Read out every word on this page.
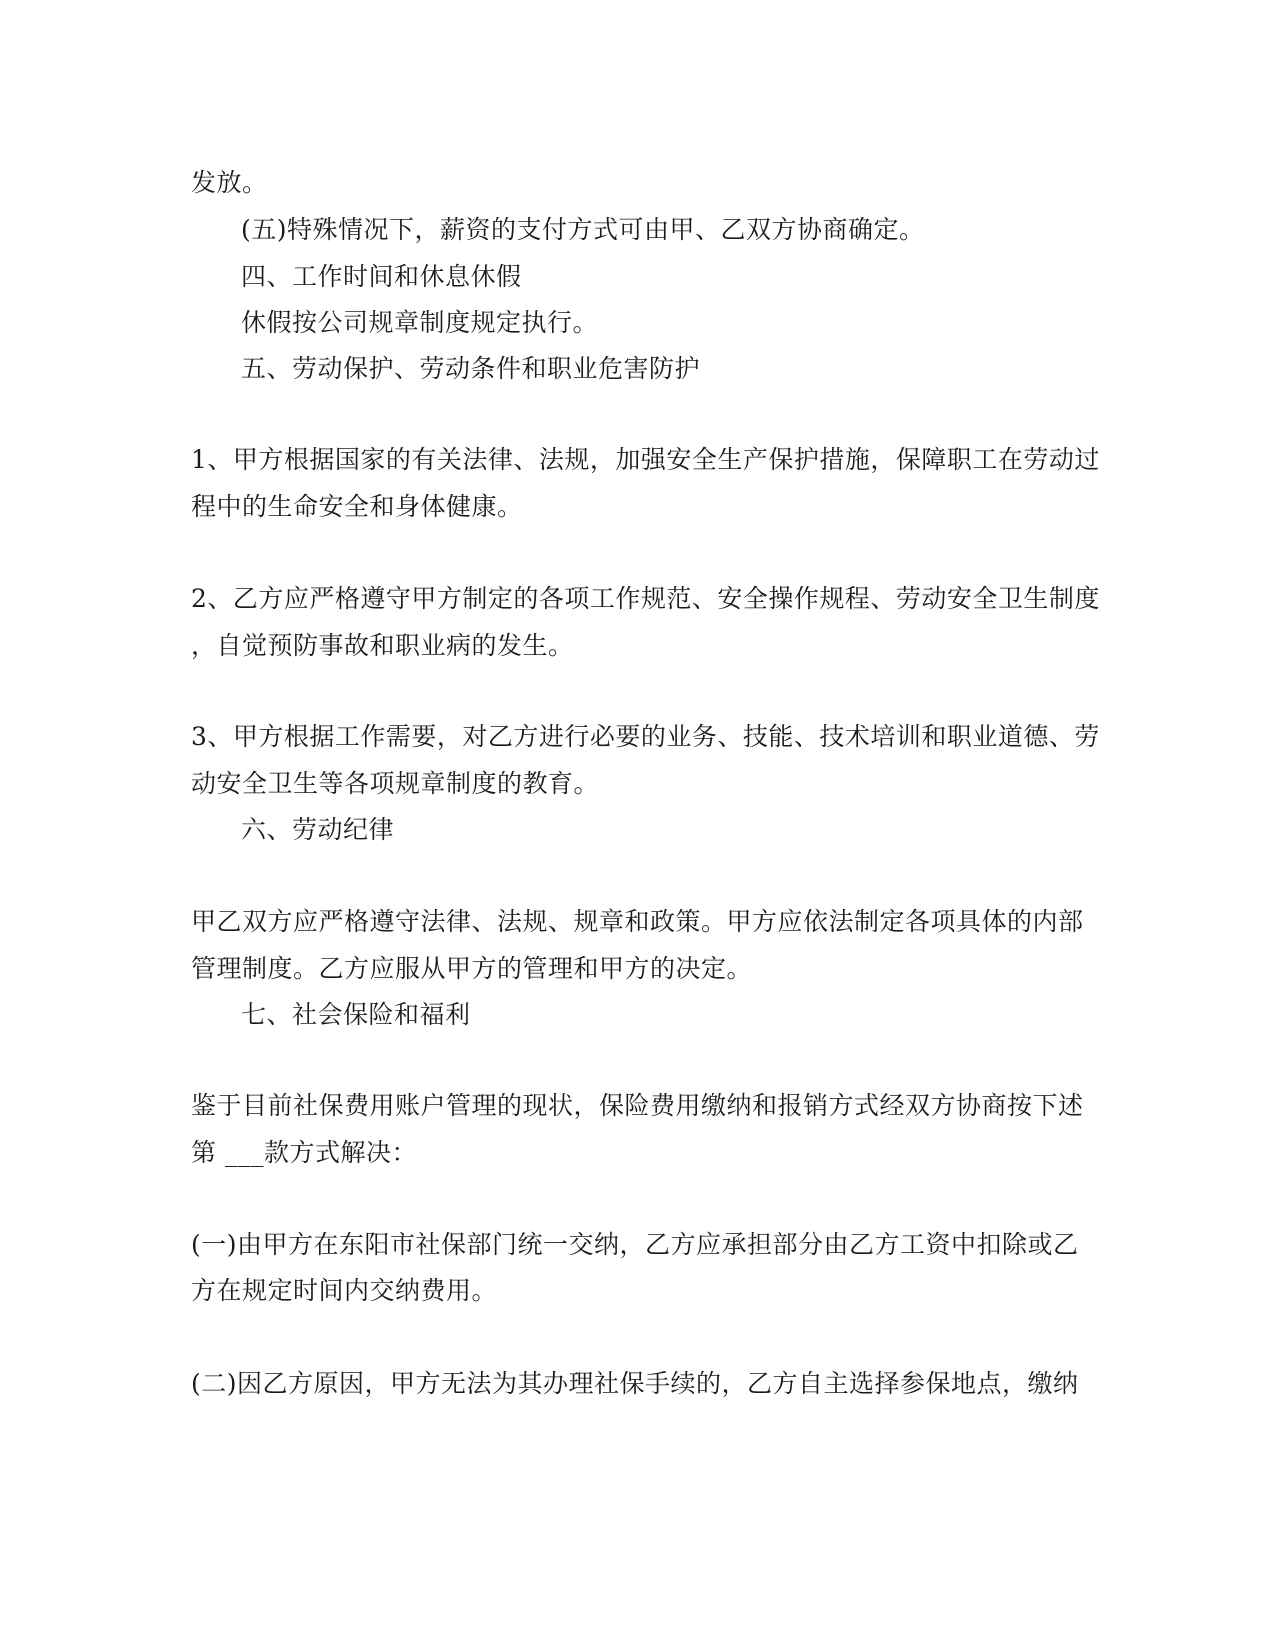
发放。
(五)特殊情况下，薪资的支付方式可由甲、乙双方协商确定。
四、工作时间和休息休假
休假按公司规章制度规定执行。
五、劳动保护、劳动条件和职业危害防护
1、甲方根据国家的有关法律、法规，加强安全生产保护措施，保障职工在劳动过
程中的生命安全和身体健康。
2、乙方应严格遵守甲方制定的各项工作规范、安全操作规程、劳动安全卫生制度
，自觉预防事故和职业病的发生。
3、甲方根据工作需要，对乙方进行必要的业务、技能、技术培训和职业道德、劳
动安全卫生等各项规章制度的教育。
六、劳动纪律
甲乙双方应严格遵守法律、法规、规章和政策。甲方应依法制定各项具体的内部
管理制度。乙方应服从甲方的管理和甲方的决定。
七、社会保险和福利
鉴于目前社保费用账户管理的现状，保险费用缴纳和报销方式经双方协商按下述
第 ___款方式解决：
(一)由甲方在东阳市社保部门统一交纳，乙方应承担部分由乙方工资中扣除或乙
方在规定时间内交纳费用。
(二)因乙方原因，甲方无法为其办理社保手续的，乙方自主选择参保地点，缴纳
